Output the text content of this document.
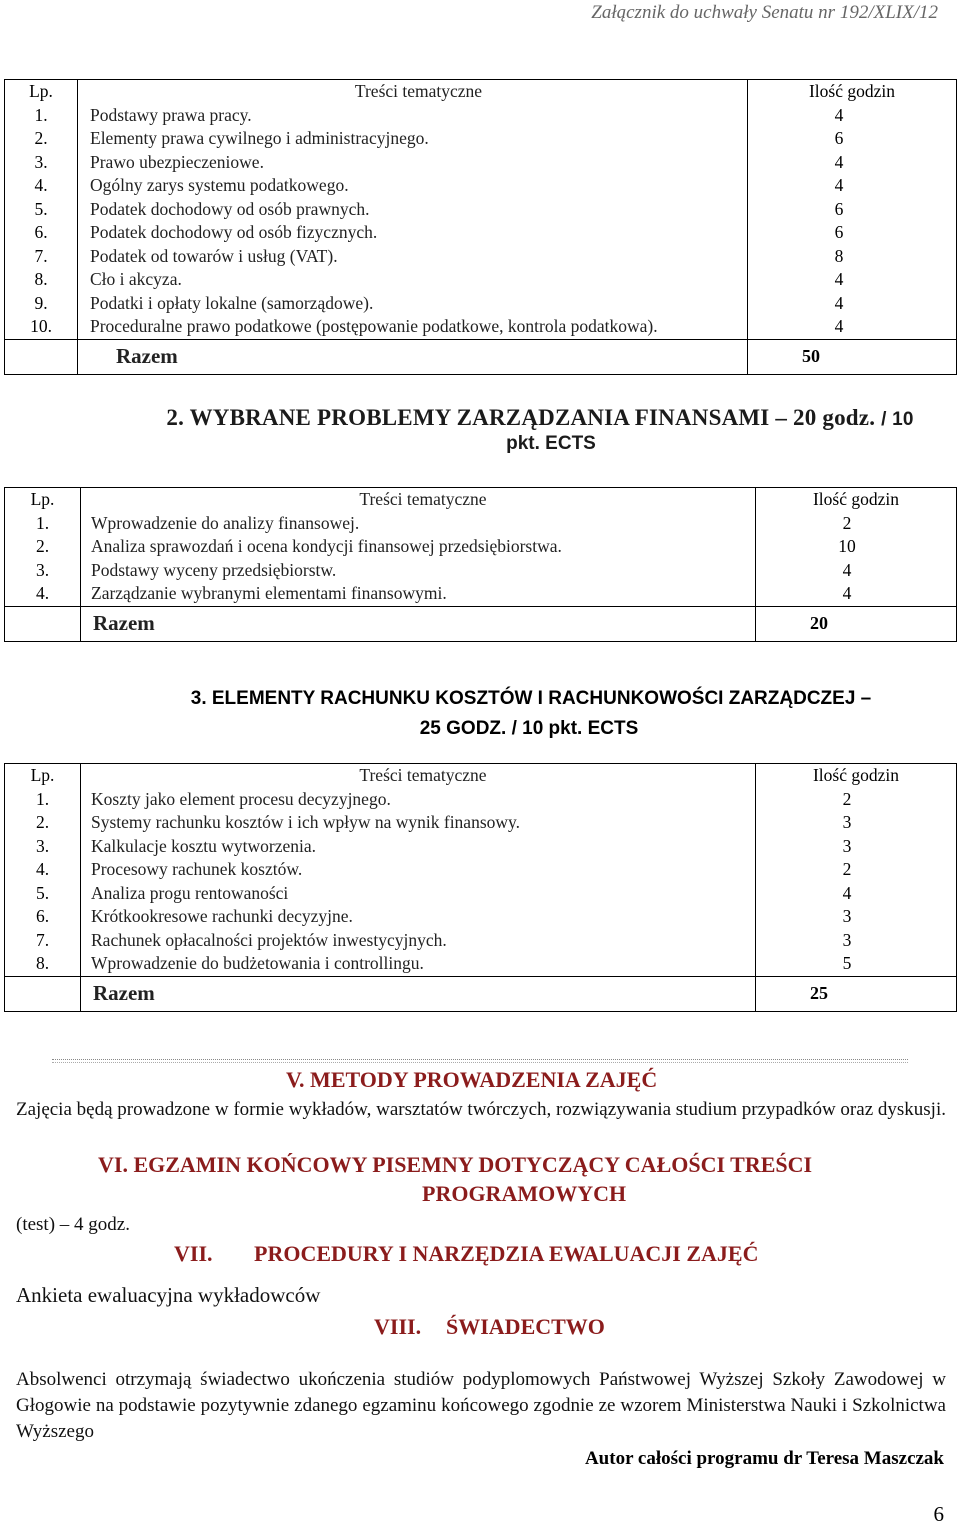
Załącznik do uchwały Senatu nr 192/XLIX/12
Lp.	Treści tematyczne	Ilość godzin
1.	Podstawy prawa pracy.	4
2.	Elementy prawa cywilnego i administracyjnego.	6
3.	Prawo ubezpieczeniowe.	4
4.	Ogólny zarys systemu podatkowego.	4
5.	Podatek dochodowy od osób prawnych.	6
6.	Podatek dochodowy od osób fizycznych.	6
7.	Podatek od towarów i usług (VAT).	8
8.	Cło i akcyza.	4
9.	Podatki i opłaty lokalne (samorządowe).	4
10.	Proceduralne prawo podatkowe (postępowanie podatkowe, kontrola podatkowa).	4
	Razem	50
2. WYBRANE PROBLEMY ZARZĄDZANIA FINANSAMI – 20 godz. / 10
pkt. ECTS
Lp.	Treści tematyczne	Ilość godzin
1.	Wprowadzenie do analizy finansowej.	2
2.	Analiza sprawozdań i ocena kondycji finansowej przedsiębiorstwa.	10
3.	Podstawy wyceny przedsiębiorstw.	4
4.	Zarządzanie wybranymi elementami finansowymi.	4
	Razem	20
3. ELEMENTY RACHUNKU KOSZTÓW I RACHUNKOWOŚCI ZARZĄDCZEJ –
25 GODZ. / 10 pkt. ECTS
Lp.	Treści tematyczne	Ilość godzin
1.	Koszty jako element procesu decyzyjnego.	2
2.	Systemy rachunku kosztów i ich wpływ na wynik finansowy.	3
3.	Kalkulacje kosztu wytworzenia.	3
4.	Procesowy rachunek kosztów.	2
5.	Analiza progu rentowaności	4
6.	Krótkookresowe rachunki decyzyjne.	3
7.	Rachunek opłacalności projektów inwestycyjnych.	3
8.	Wprowadzenie do budżetowania i controllingu.	5
	Razem	25
V. METODY PROWADZENIA ZAJĘĆ
Zajęcia będą prowadzone w formie wykładów, warsztatów twórczych, rozwiązywania studium przypadków oraz dyskusji.
VI. EGZAMIN KOŃCOWY PISEMNY DOTYCZĄCY CAŁOŚCI TREŚCI
PROGRAMOWYCH
(test) – 4 godz.
VII. PROCEDURY I NARZĘDZIA EWALUACJI ZAJĘĆ
Ankieta ewaluacyjna wykładowców
VIII. ŚWIADECTWO
Absolwenci otrzymają świadectwo ukończenia studiów podyplomowych Państwowej Wyższej Szkoły Zawodowej w Głogowie na podstawie pozytywnie zdanego egzaminu końcowego zgodnie ze wzorem Ministerstwa Nauki i Szkolnictwa Wyższego
Autor całości programu dr Teresa Maszczak
6
